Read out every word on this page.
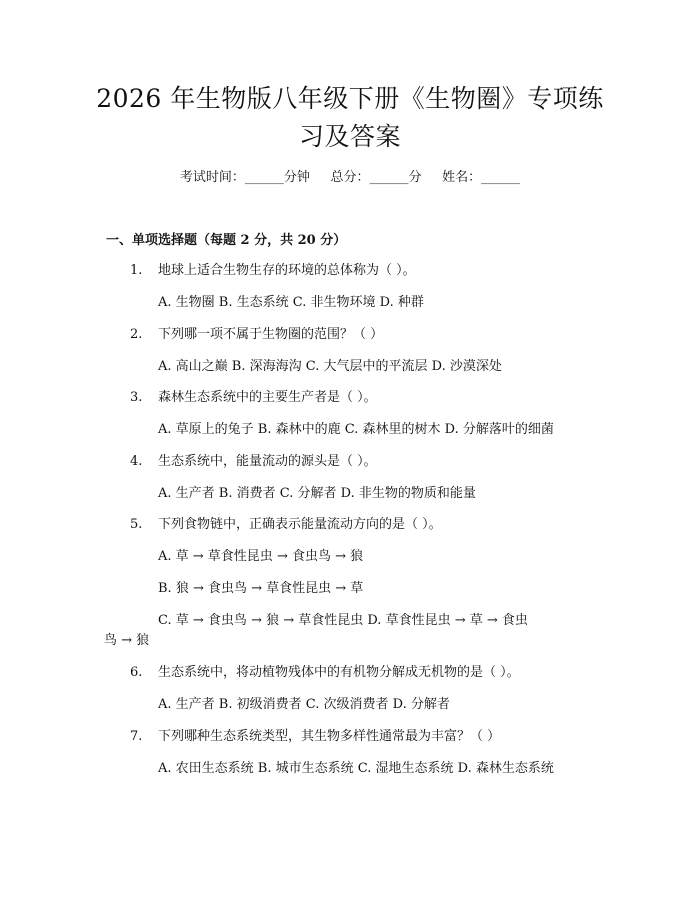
2026 年生物版八年级下册《生物圈》专项练
习及答案
考试时间：______分钟     总分：______分     姓名：______
一、单项选择题（每题 2 分，共 20 分）
1. 地球上适合生物生存的环境的总体称为（ ）。
A. 生物圈 B. 生态系统 C. 非生物环境 D. 种群
2. 下列哪一项不属于生物圈的范围？（ ）
A. 高山之巅 B. 深海海沟 C. 大气层中的平流层 D. 沙漠深处
3. 森林生态系统中的主要生产者是（ ）。
A. 草原上的兔子 B. 森林中的鹿 C. 森林里的树木 D. 分解落叶的细菌
4. 生态系统中，能量流动的源头是（ ）。
A. 生产者 B. 消费者 C. 分解者 D. 非生物的物质和能量
5. 下列食物链中，正确表示能量流动方向的是（ ）。
A. 草 → 草食性昆虫 → 食虫鸟 → 狼
B. 狼 → 食虫鸟 → 草食性昆虫 → 草
C. 草 → 食虫鸟 → 狼 → 草食性昆虫 D. 草食性昆虫 → 草 → 食虫
鸟 → 狼
6. 生态系统中，将动植物残体中的有机物分解成无机物的是（ ）。
A. 生产者 B. 初级消费者 C. 次级消费者 D. 分解者
7. 下列哪种生态系统类型，其生物多样性通常最为丰富？（ ）
A. 农田生态系统 B. 城市生态系统 C. 湿地生态系统 D. 森林生态系统
